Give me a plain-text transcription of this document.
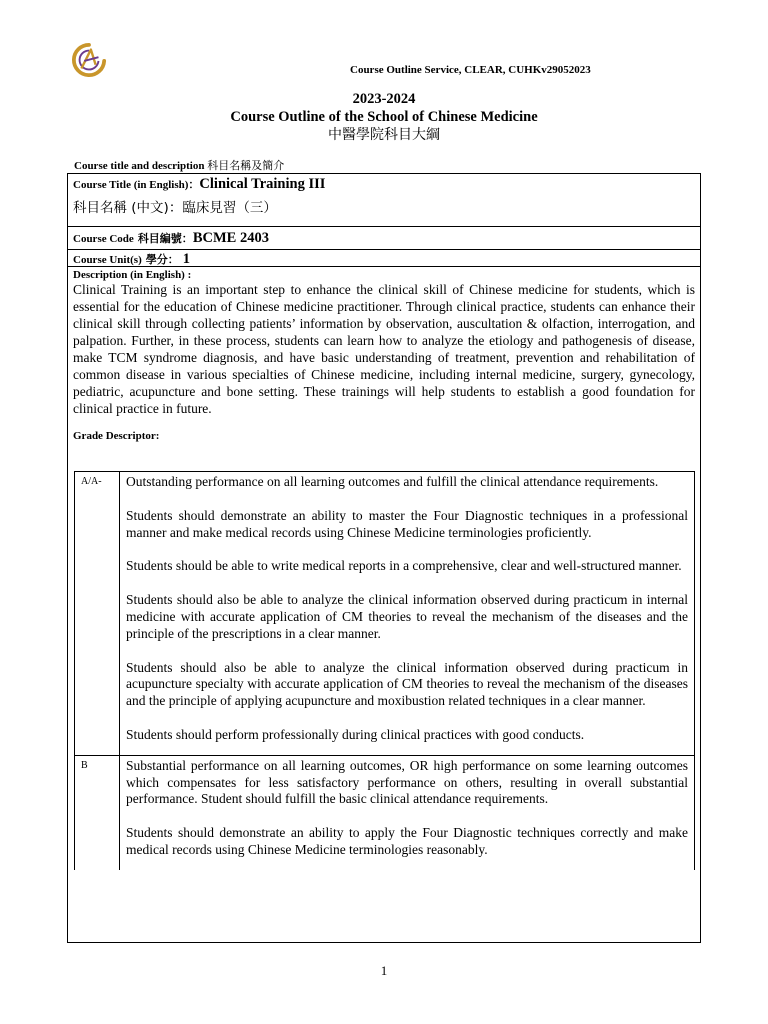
Course Outline Service, CLEAR, CUHKv29052023
2023-2024
Course Outline of the School of Chinese Medicine
中醫學院科目大綱
Course title and description 科目名稱及簡介
Course Title (in English)：Clinical Training III
科目名稱 (中文)：臨床見習（三）
Course Code 科目編號：BCME 2403
Course Unit(s) 學分： 1
Description (in English) :

Clinical Training is an important step to enhance the clinical skill of Chinese medicine for students, which is essential for the education of Chinese medicine practitioner. Through clinical practice, students can enhance their clinical skill through collecting patients’ information by observation, auscultation & olfaction, interrogation, and palpation. Further, in these process, students can learn how to analyze the etiology and pathogenesis of disease, make TCM syndrome diagnosis, and have basic understanding of treatment, prevention and rehabilitation of common disease in various specialties of Chinese medicine, including internal medicine, surgery, gynecology, pediatric, acupuncture and bone setting. These trainings will help students to establish a good foundation for clinical practice in future.

Grade Descriptor:
A/A-	Outstanding performance on all learning outcomes and fulfill the clinical attendance requirements.

Students should demonstrate an ability to master the Four Diagnostic techniques in a professional manner and make medical records using Chinese Medicine terminologies proficiently.

Students should be able to write medical reports in a comprehensive, clear and well-structured manner.

Students should also be able to analyze the clinical information observed during practicum in internal medicine with accurate application of CM theories to reveal the mechanism of the diseases and the principle of the prescriptions in a clear manner.

Students should also be able to analyze the clinical information observed during practicum in acupuncture specialty with accurate application of CM theories to reveal the mechanism of the diseases and the principle of applying acupuncture and moxibustion related techniques in a clear manner.

Students should perform professionally during clinical practices with good conducts.

B	Substantial performance on all learning outcomes, OR high performance on some learning outcomes which compensates for less satisfactory performance on others, resulting in overall substantial performance. Student should fulfill the basic clinical attendance requirements.

Students should demonstrate an ability to apply the Four Diagnostic techniques correctly and make medical records using Chinese Medicine terminologies reasonably.

1
